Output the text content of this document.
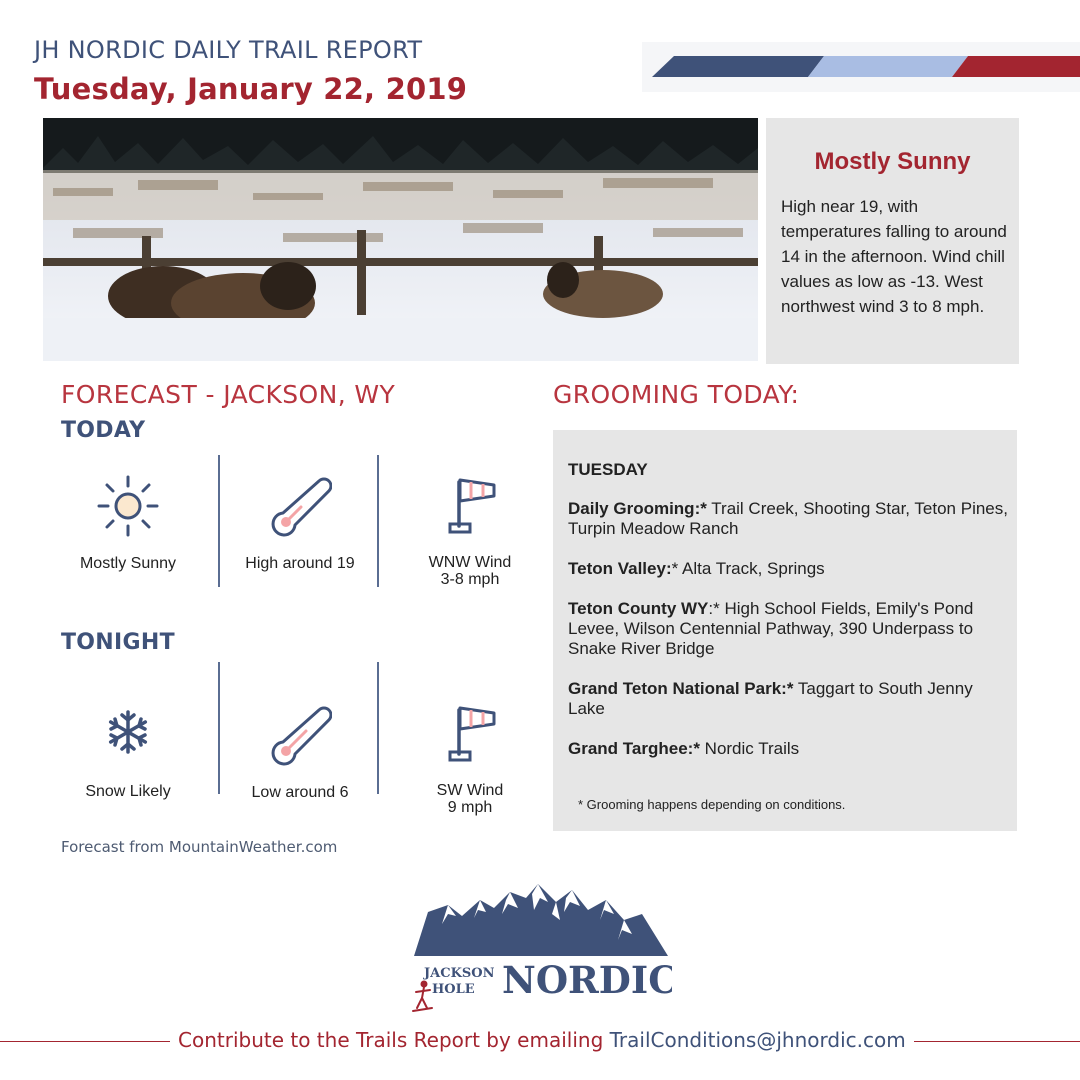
JH NORDIC DAILY TRAIL REPORT
Tuesday, January 22, 2019
Mostly Sunny
High near 19, with temperatures falling to around 14 in the afternoon. Wind chill values as low as -13. West northwest wind 3 to 8 mph.
FORECAST - JACKSON, WY
TODAY
Mostly Sunny	High around 19	WNW Wind
3-8 mph
TONIGHT
Snow Likely	Low around 6	SW Wind
9 mph
Forecast from MountainWeather.com
GROOMING TODAY:
TUESDAY
Daily Grooming:* Trail Creek, Shooting Star, Teton Pines, Turpin Meadow Ranch
Teton Valley:* Alta Track, Springs
Teton County WY:* High School Fields, Emily's Pond Levee, Wilson Centennial Pathway, 390 Underpass to Snake River Bridge
Grand Teton National Park:* Taggart to South Jenny Lake
Grand Targhee:* Nordic Trails
* Grooming happens depending on conditions.
JACKSON
HOLE NORDIC
Contribute to the Trails Report by emailing TrailConditions@jhnordic.com
